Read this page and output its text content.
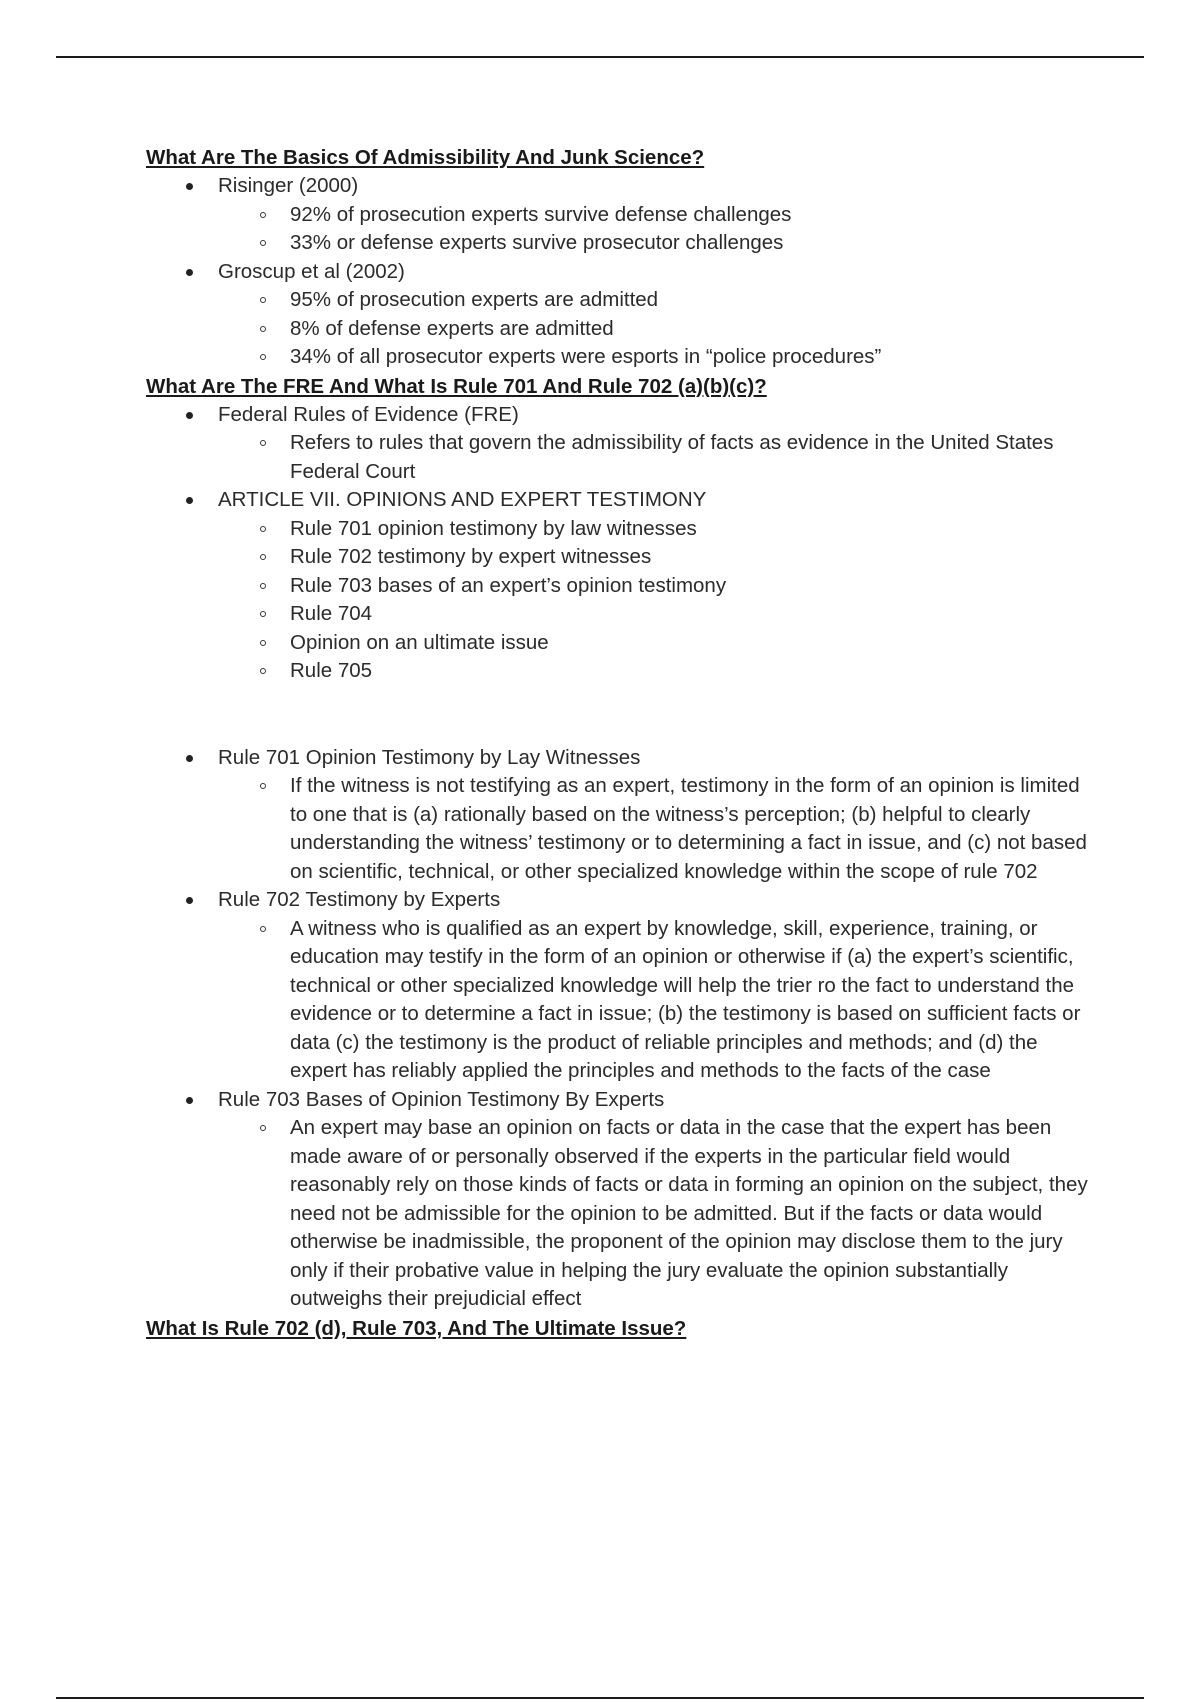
What Are The Basics Of Admissibility And Junk Science?
Risinger (2000)
92% of prosecution experts survive defense challenges
33% or defense experts survive prosecutor challenges
Groscup et al (2002)
95% of prosecution experts are admitted
8% of defense experts are admitted
34% of all prosecutor experts were esports in “police procedures”
What Are The FRE And What Is Rule 701 And Rule 702 (a)(b)(c)?
Federal Rules of Evidence (FRE)
Refers to rules that govern the admissibility of facts as evidence in the United States Federal Court
ARTICLE VII. OPINIONS AND EXPERT TESTIMONY
Rule 701 opinion testimony by law witnesses
Rule 702 testimony by expert witnesses
Rule 703 bases of an expert’s opinion testimony
Rule 704
Opinion on an ultimate issue
Rule 705
Rule 701 Opinion Testimony by Lay Witnesses
If the witness is not testifying as an expert, testimony in the form of an opinion is limited to one that is (a) rationally based on the witness’s perception; (b) helpful to clearly understanding the witness’ testimony or to determining a fact in issue, and (c) not based on scientific, technical, or other specialized knowledge within the scope of rule 702
Rule 702 Testimony by Experts
A witness who is qualified as an expert by knowledge, skill, experience, training, or education may testify in the form of an opinion or otherwise if (a) the expert’s scientific, technical or other specialized knowledge will help the trier ro the fact to understand the evidence or to determine a fact in issue; (b) the testimony is based on sufficient facts or data (c) the testimony is the product of reliable principles and methods; and (d) the expert has reliably applied the principles and methods to the facts of the case
Rule 703 Bases of Opinion Testimony By Experts
An expert may base an opinion on facts or data in the case that the expert has been made aware of or personally observed if the experts in the particular field would reasonably rely on those kinds of facts or data in forming an opinion on the subject, they need not be admissible for the opinion to be admitted. But if the facts or data would otherwise be inadmissible, the proponent of the opinion may disclose them to the jury only if their probative value in helping the jury evaluate the opinion substantially outweighs their prejudicial effect
What Is Rule 702 (d), Rule 703, And The Ultimate Issue?
